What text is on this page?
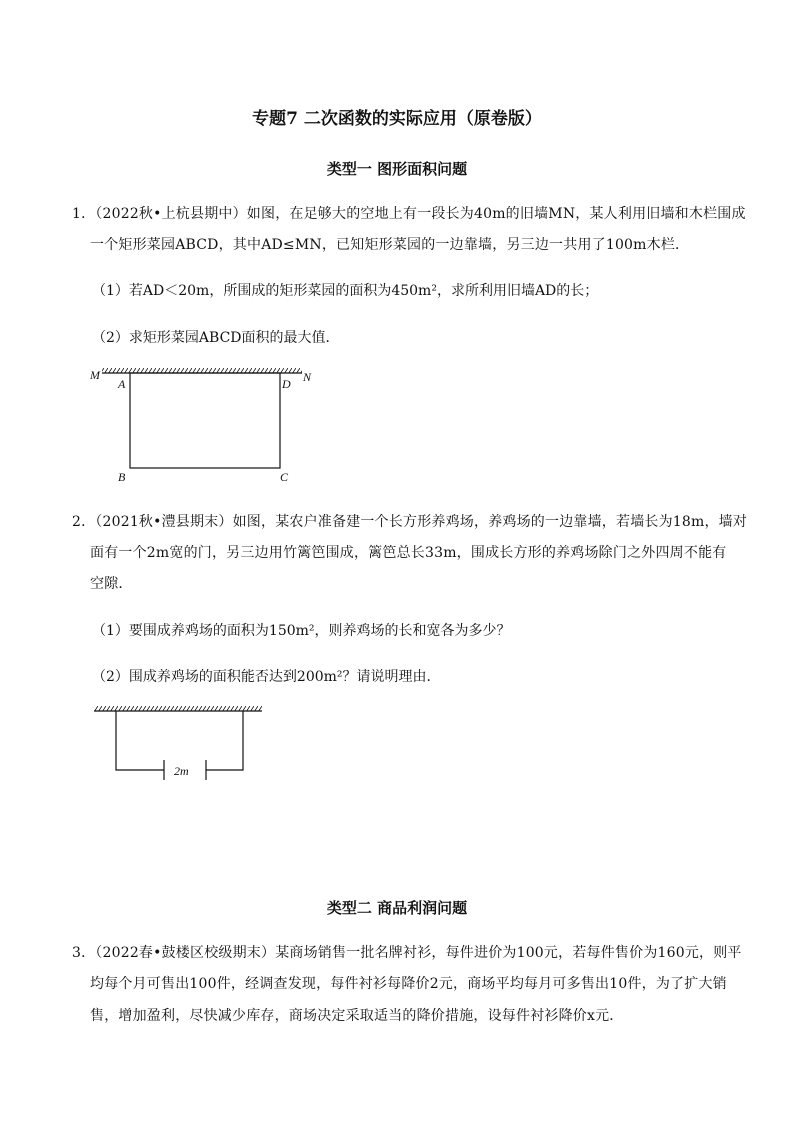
专题7 二次函数的实际应用（原卷版）
类型一 图形面积问题
1．（2022秋•上杭县期中）如图，在足够大的空地上有一段长为40m的旧墙MN，某人利用旧墙和木栏围成
一个矩形菜园ABCD，其中AD≤MN，已知矩形菜园的一边靠墙，另三边一共用了100m木栏．
（1）若AD＜20m，所围成的矩形菜园的面积为450m²，求所利用旧墙AD的长；
（2）求矩形菜园ABCD面积的最大值．
M	N
A	D
B	C
2．（2021秋•澧县期末）如图，某农户准备建一个长方形养鸡场，养鸡场的一边靠墙，若墙长为18m，墙对
面有一个2m宽的门，另三边用竹篱笆围成，篱笆总长33m，围成长方形的养鸡场除门之外四周不能有
空隙．
（1）要围成养鸡场的面积为150m²，则养鸡场的长和宽各为多少？
（2）围成养鸡场的面积能否达到200m²？请说明理由．
2m
类型二 商品利润问题
3．（2022春•鼓楼区校级期末）某商场销售一批名牌衬衫，每件进价为100元，若每件售价为160元，则平
均每个月可售出100件，经调查发现，每件衬衫每降价2元，商场平均每月可多售出10件，为了扩大销
售，增加盈利，尽快减少库存，商场决定采取适当的降价措施，设每件衬衫降价x元．
